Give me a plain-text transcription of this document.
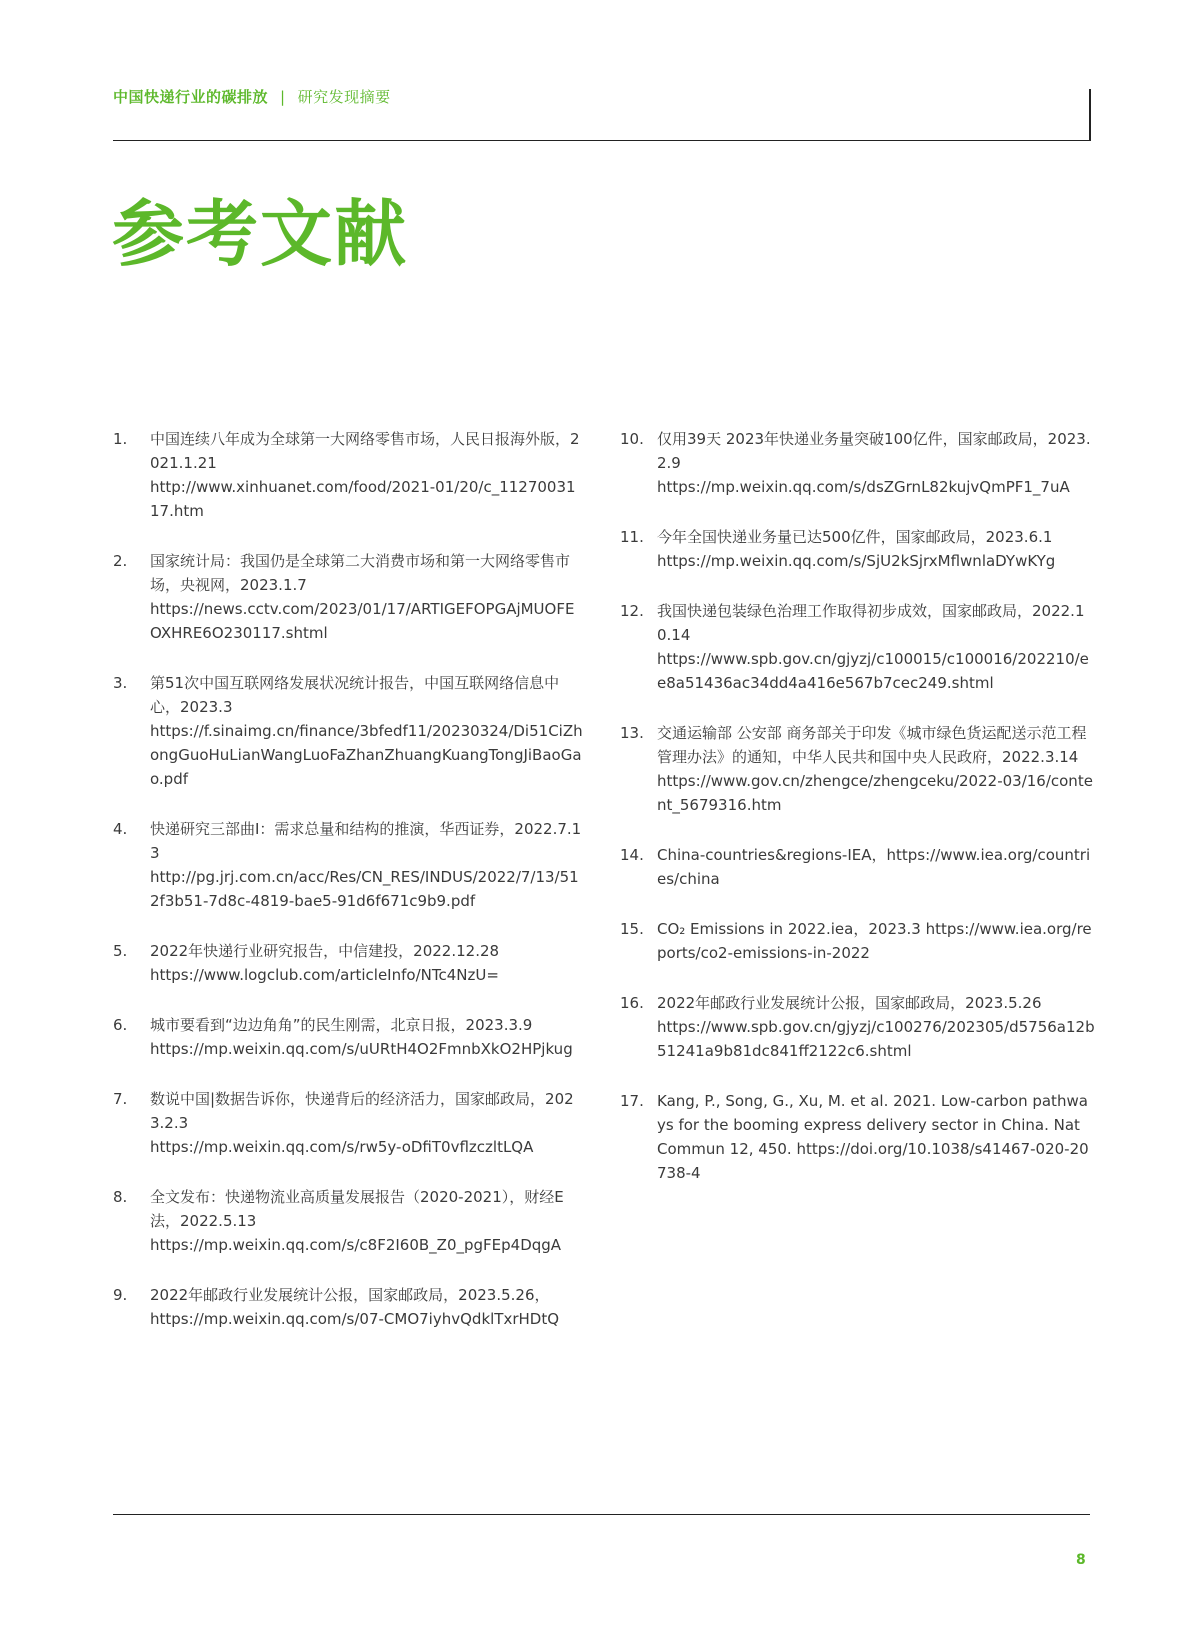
中国快递行业的碳排放 | 研究发现摘要
参考文献
1.	中国连续八年成为全球第一大网络零售市场，人民日报海外版，2021.1.21
http://www.xinhuanet.com/food/2021-01/20/c_1127003117.htm
2.	国家统计局：我国仍是全球第二大消费市场和第一大网络零售市场，央视网，2023.1.7
https://news.cctv.com/2023/01/17/ARTIGEFOPGAjMUOFEOXHRE6O230117.shtml
3.	第51次中国互联网络发展状况统计报告，中国互联网络信息中心，2023.3
https://f.sinaimg.cn/finance/3bfedf11/20230324/Di51CiZhongGuoHuLianWangLuoFaZhanZhuangKuangTongJiBaoGao.pdf
4.	快递研究三部曲I：需求总量和结构的推演，华西证券，2022.7.13
http://pg.jrj.com.cn/acc/Res/CN_RES/INDUS/2022/7/13/512f3b51-7d8c-4819-bae5-91d6f671c9b9.pdf
5.	2022年快递行业研究报告，中信建投，2022.12.28
https://www.logclub.com/articleInfo/NTc4NzU=
6.	城市要看到“边边角角”的民生刚需，北京日报，2023.3.9
https://mp.weixin.qq.com/s/uURtH4O2FmnbXkO2HPjkug
7.	数说中国|数据告诉你，快递背后的经济活力，国家邮政局，2023.2.3
https://mp.weixin.qq.com/s/rw5y-oDfiT0vflzczltLQA
8.	全文发布：快递物流业高质量发展报告（2020-2021），财经E法，2022.5.13
https://mp.weixin.qq.com/s/c8F2I60B_Z0_pgFEp4DqgA
9.	2022年邮政行业发展统计公报，国家邮政局，2023.5.26，
https://mp.weixin.qq.com/s/07-CMO7iyhvQdklTxrHDtQ
10. 仅用39天 2023年快递业务量突破100亿件，国家邮政局，2023.2.9
https://mp.weixin.qq.com/s/dsZGrnL82kujvQmPF1_7uA
11. 今年全国快递业务量已达500亿件，国家邮政局，2023.6.1
https://mp.weixin.qq.com/s/SjU2kSjrxMflwnlaDYwKYg
12. 我国快递包装绿色治理工作取得初步成效，国家邮政局，2022.10.14
https://www.spb.gov.cn/gjyzj/c100015/c100016/202210/ee8a51436ac34dd4a416e567b7cec249.shtml
13. 交通运输部 公安部 商务部关于印发《城市绿色货运配送示范工程管理办法》的通知，中华人民共和国中央人民政府，2022.3.14
https://www.gov.cn/zhengce/zhengceku/2022-03/16/content_5679316.htm
14. China-countries&regions-IEA，https://www.iea.org/countries/china
15. CO₂ Emissions in 2022.iea，2023.3 https://www.iea.org/reports/co2-emissions-in-2022
16. 2022年邮政行业发展统计公报，国家邮政局，2023.5.26
https://www.spb.gov.cn/gjyzj/c100276/202305/d5756a12b51241a9b81dc841ff2122c6.shtml
17. Kang, P., Song, G., Xu, M. et al. 2021. Low-carbon pathways for the booming express delivery sector in China. Nat Commun 12, 450. https://doi.org/10.1038/s41467-020-20738-4
8
